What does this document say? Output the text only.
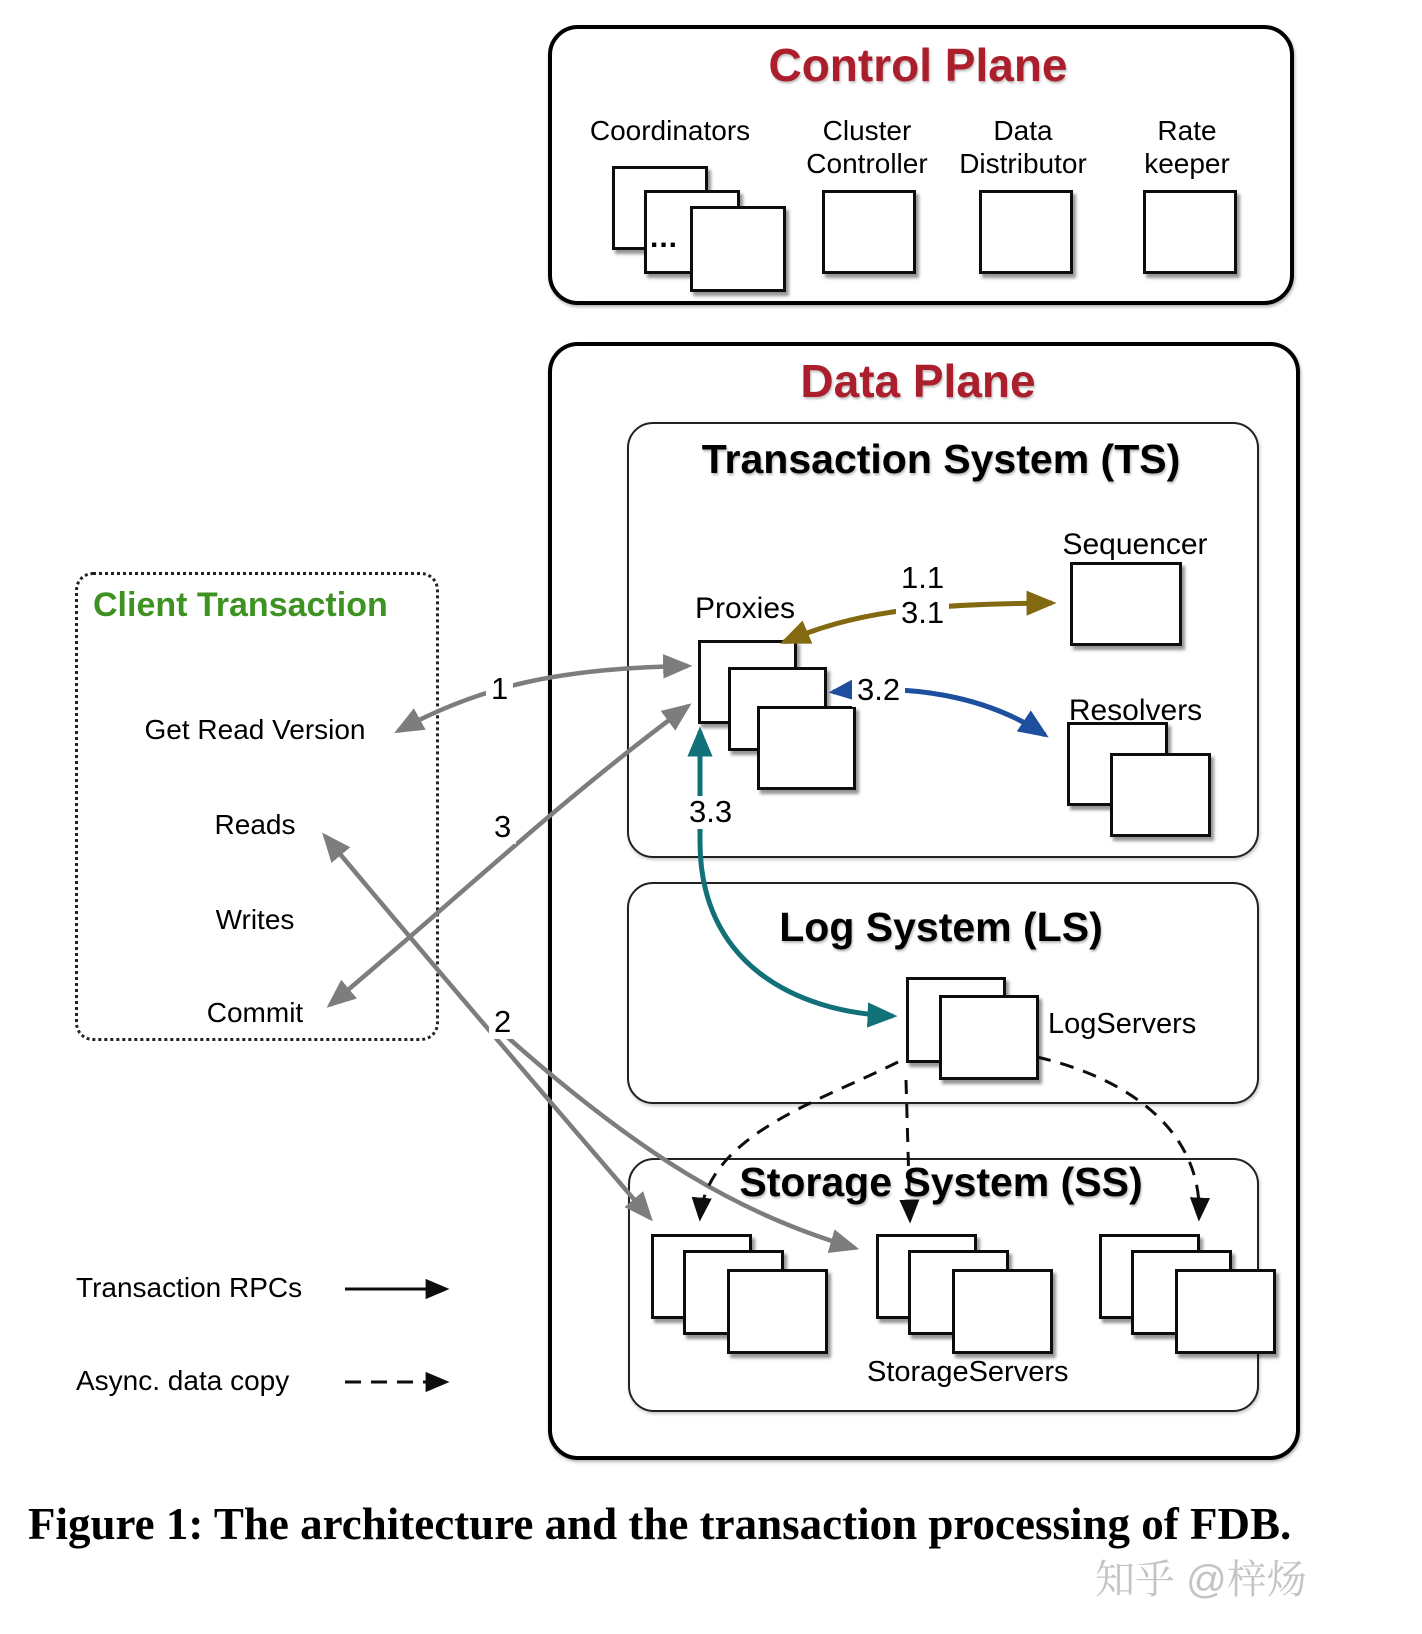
Control Plane
Coordinators	Cluster Controller
Data Distributor
Rate keeper
...
Data Plane
Transaction System (TS)
Proxies
Sequencer
Resolvers
Log System (LS)
LogServers
Storage System (SS)
StorageServers
Client Transaction
Get Read Version
Reads
Writes
Commit
1
3
2
1.1
3.1
3.2
3.3
Transaction RPCs
Async. data copy
知乎 @梓炀
Figure 1: The architecture and the transaction processing of FDB.
